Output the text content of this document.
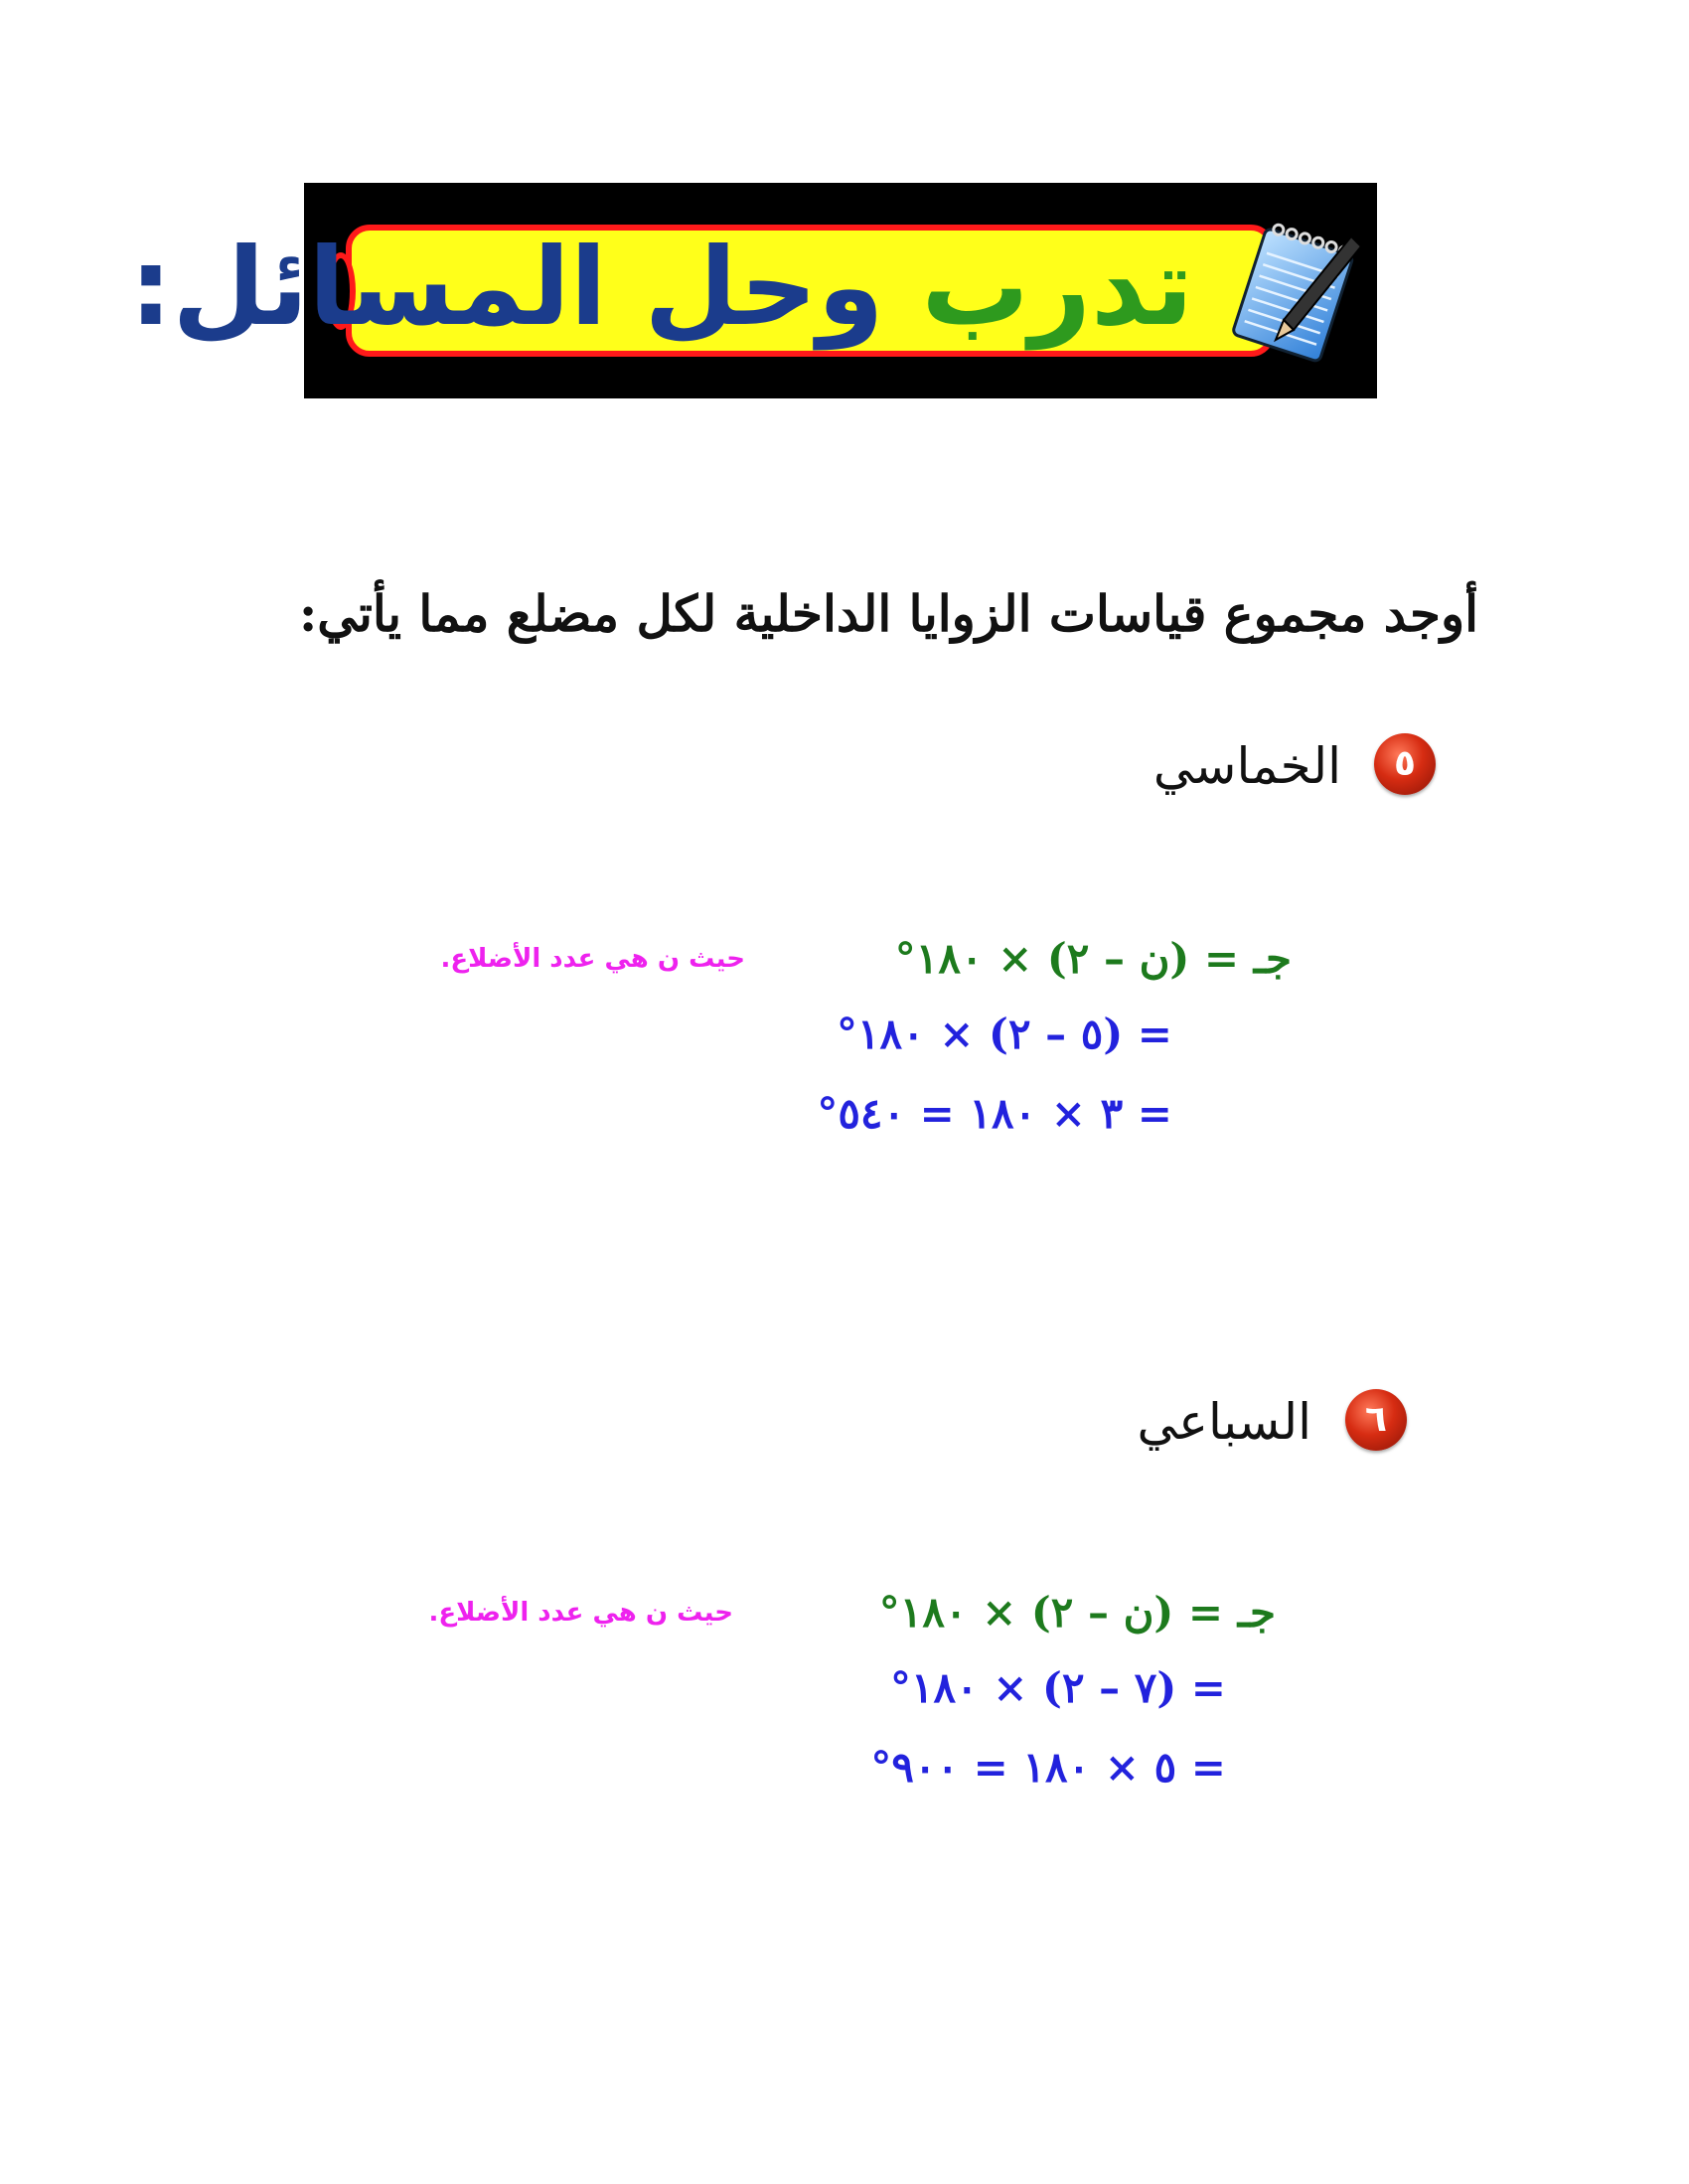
تدرب وحل المسائل:
أوجد مجموع قياسات الزوايا الداخلية لكل مضلع مما يأتي:
٥
الخماسي
جـ = (ن – ٢) × ١٨٠°
حيث ن هي عدد الأضلاع.
= (٥ – ٢) × ١٨٠°
= ٣ × ١٨٠ = ٥٤٠°
٦
السباعي
جـ = (ن – ٢) × ١٨٠°
حيث ن هي عدد الأضلاع.
= (٧ – ٢) × ١٨٠°
= ٥ × ١٨٠ = ٩٠٠°
